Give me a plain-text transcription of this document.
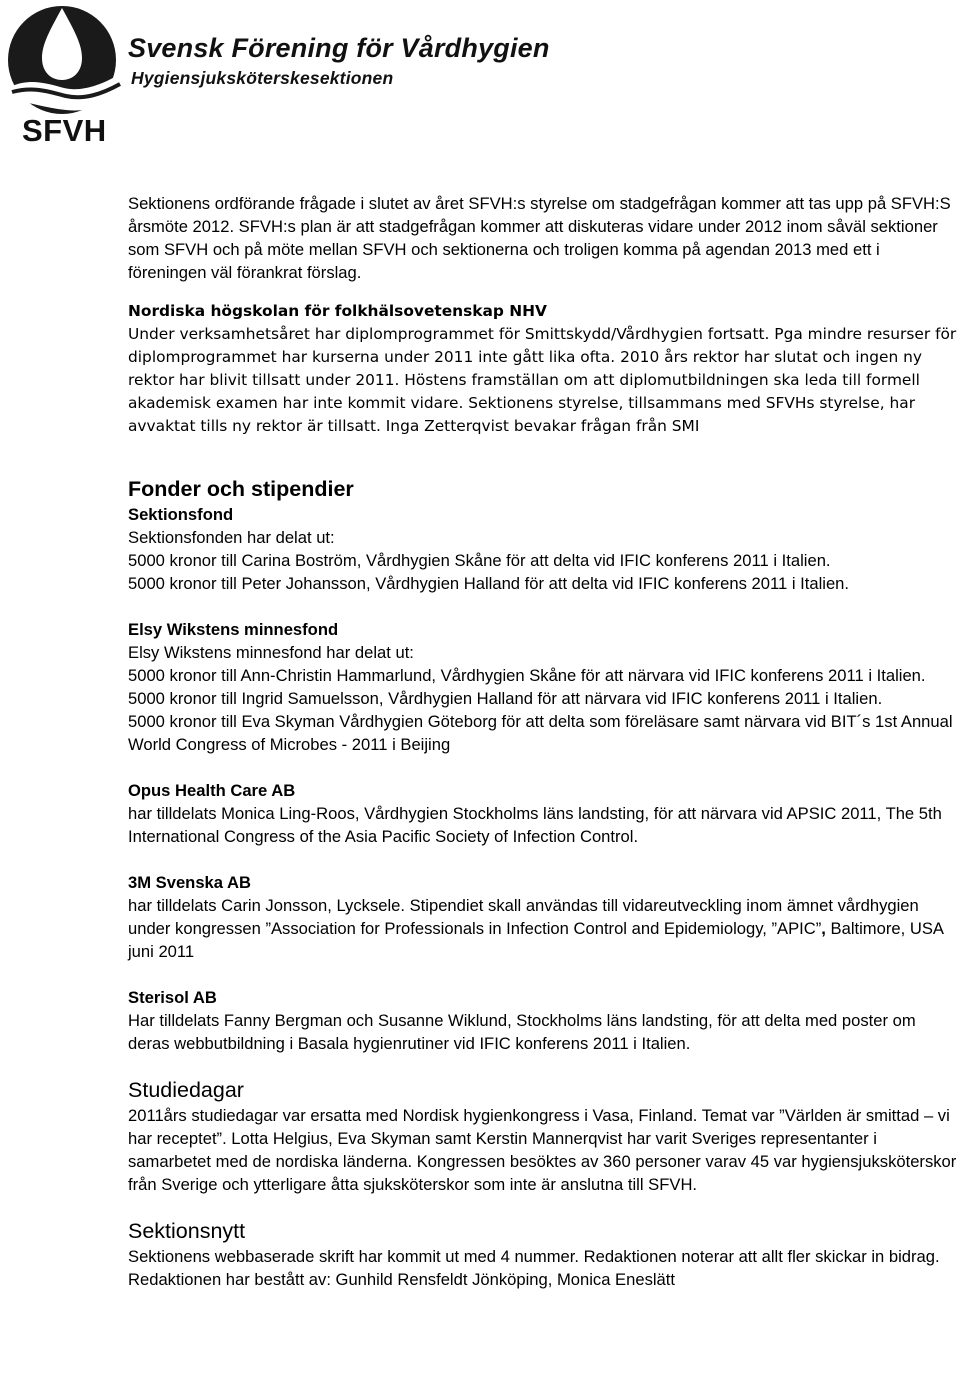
Svensk Förening för Vårdhygien
Hygiensjuksköterskesektionen
SFVH

Sektionens ordförande frågade i slutet av året SFVH:s styrelse om stadgefrågan kommer att tas upp på SFVH:S årsmöte 2012. SFVH:s plan är att stadgefrågan kommer att diskuteras vidare under 2012 inom såväl sektioner som SFVH och på möte mellan SFVH och sektionerna och troligen komma på agendan 2013 med ett i föreningen väl förankrat förslag.

Nordiska högskolan för folkhälsovetenskap NHV

Under verksamhetsåret har diplomprogrammet för Smittskydd/Vårdhygien fortsatt. Pga mindre resurser för diplomprogrammet har kurserna under 2011 inte gått lika ofta. 2010 års rektor har slutat och ingen ny rektor har blivit tillsatt under 2011. Höstens framställan om att diplomutbildningen ska leda till formell akademisk examen har inte kommit vidare. Sektionens styrelse, tillsammans med SFVHs styrelse, har avvaktat tills ny rektor är tillsatt. Inga Zetterqvist bevakar frågan från SMI

Fonder och stipendier

Sektionsfond

Sektionsfonden har delat ut:

5000 kronor till Carina Boström, Vårdhygien Skåne för att delta vid IFIC konferens 2011 i Italien.

5000 kronor till Peter Johansson, Vårdhygien Halland för att delta vid IFIC konferens 2011 i Italien.

Elsy Wikstens minnesfond

Elsy Wikstens minnesfond har delat ut:

5000 kronor till Ann-Christin Hammarlund, Vårdhygien Skåne för att närvara vid IFIC konferens 2011 i Italien.

5000 kronor till Ingrid Samuelsson, Vårdhygien Halland för att närvara vid IFIC konferens 2011 i Italien.

5000 kronor till Eva Skyman Vårdhygien Göteborg för att delta som föreläsare samt närvara vid BIT´s 1st Annual World Congress of Microbes - 2011 i Beijing

Opus Health Care AB

har tilldelats Monica Ling-Roos, Vårdhygien Stockholms läns landsting, för att närvara vid APSIC 2011, The 5th International Congress of the Asia Pacific Society of Infection Control.

3M Svenska AB

har tilldelats Carin Jonsson, Lycksele. Stipendiet skall användas till vidareutveckling inom ämnet vårdhygien under kongressen ”Association for Professionals in Infection Control and Epidemiology, ”APIC”, Baltimore, USA juni 2011

Sterisol AB

Har tilldelats Fanny Bergman och Susanne Wiklund, Stockholms läns landsting, för att delta med poster om deras webbutbildning i Basala hygienrutiner vid IFIC konferens 2011 i Italien.

Studiedagar

2011års studiedagar var ersatta med Nordisk hygienkongress i Vasa, Finland. Temat var ”Världen är smittad – vi har receptet”. Lotta Helgius, Eva Skyman samt Kerstin Mannerqvist har varit Sveriges representanter i samarbetet med de nordiska länderna. Kongressen besöktes av 360 personer varav 45 var hygiensjuksköterskor från Sverige och ytterligare åtta sjuksköterskor som inte är anslutna till SFVH.

Sektionsnytt

Sektionens webbaserade skrift har kommit ut med 4 nummer. Redaktionen noterar att allt fler skickar in bidrag. Redaktionen har bestått av: Gunhild Rensfeldt Jönköping, Monica Eneslätt
